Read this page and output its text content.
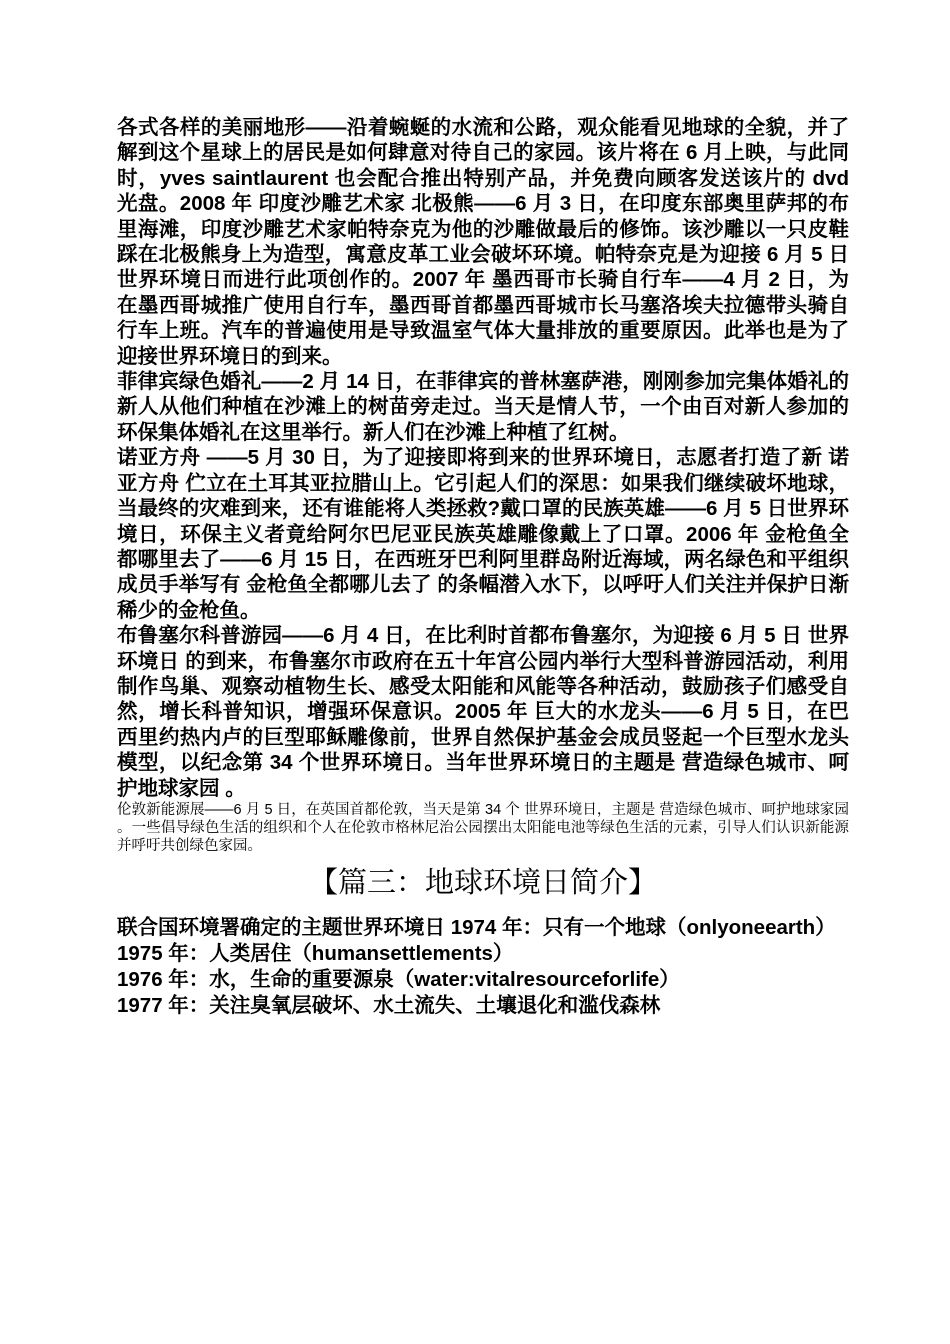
各式各样的美丽地形——沿着蜿蜒的水流和公路，观众能看见地球的全貌，并了解到这个星球上的居民是如何肆意对待自己的家园。该片将在 6 月上映，与此同时，yves saintlaurent 也会配合推出特别产品，并免费向顾客发送该片的 dvd 光盘。2008 年 印度沙雕艺术家 北极熊——6 月 3 日，在印度东部奥里萨邦的布里海滩，印度沙雕艺术家帕特奈克为他的沙雕做最后的修饰。该沙雕以一只皮鞋踩在北极熊身上为造型，寓意皮革工业会破坏环境。帕特奈克是为迎接 6 月 5 日世界环境日而进行此项创作的。2007 年 墨西哥市长骑自行车——4 月 2 日，为在墨西哥城推广使用自行车，墨西哥首都墨西哥城市长马塞洛埃夫拉德带头骑自行车上班。汽车的普遍使用是导致温室气体大量排放的重要原因。此举也是为了迎接世界环境日的到来。

菲律宾绿色婚礼——2 月 14 日，在菲律宾的普林塞萨港，刚刚参加完集体婚礼的新人从他们种植在沙滩上的树苗旁走过。当天是情人节，一个由百对新人参加的环保集体婚礼在这里举行。新人们在沙滩上种植了红树。

诺亚方舟 ——5 月 30 日，为了迎接即将到来的世界环境日，志愿者打造了新 诺亚方舟 伫立在土耳其亚拉腊山上。它引起人们的深思：如果我们继续破坏地球，当最终的灾难到来，还有谁能将人类拯救?戴口罩的民族英雄——6 月 5 日世界环境日，环保主义者竟给阿尔巴尼亚民族英雄雕像戴上了口罩。2006 年 金枪鱼全都哪里去了——6 月 15 日，在西班牙巴利阿里群岛附近海域，两名绿色和平组织成员手举写有 金枪鱼全都哪儿去了 的条幅潜入水下，以呼吁人们关注并保护日渐稀少的金枪鱼。

布鲁塞尔科普游园——6 月 4 日，在比利时首都布鲁塞尔，为迎接 6 月 5 日 世界环境日 的到来，布鲁塞尔市政府在五十年宫公园内举行大型科普游园活动，利用制作鸟巢、观察动植物生长、感受太阳能和风能等各种活动，鼓励孩子们感受自然，增长科普知识，增强环保意识。2005 年 巨大的水龙头——6 月 5 日，在巴西里约热内卢的巨型耶稣雕像前，世界自然保护基金会成员竖起一个巨型水龙头模型，以纪念第 34 个世界环境日。当年世界环境日的主题是 营造绿色城市、呵护地球家园 。

伦敦新能源展——6 月 5 日，在英国首都伦敦，当天是第 34 个 世界环境日，主题是 营造绿色城市、呵护地球家园 。一些倡导绿色生活的组织和个人在伦敦市格林尼治公园摆出太阳能电池等绿色生活的元素，引导人们认识新能源并呼吁共创绿色家园。

【篇三：地球环境日简介】

联合国环境署确定的主题世界环境日 1974 年：只有一个地球（onlyoneearth）

1975 年：人类居住（humansettlements）

1976 年：水，生命的重要源泉（water:vitalresourceforlife）

1977 年：关注臭氧层破坏、水土流失、土壤退化和滥伐森林
